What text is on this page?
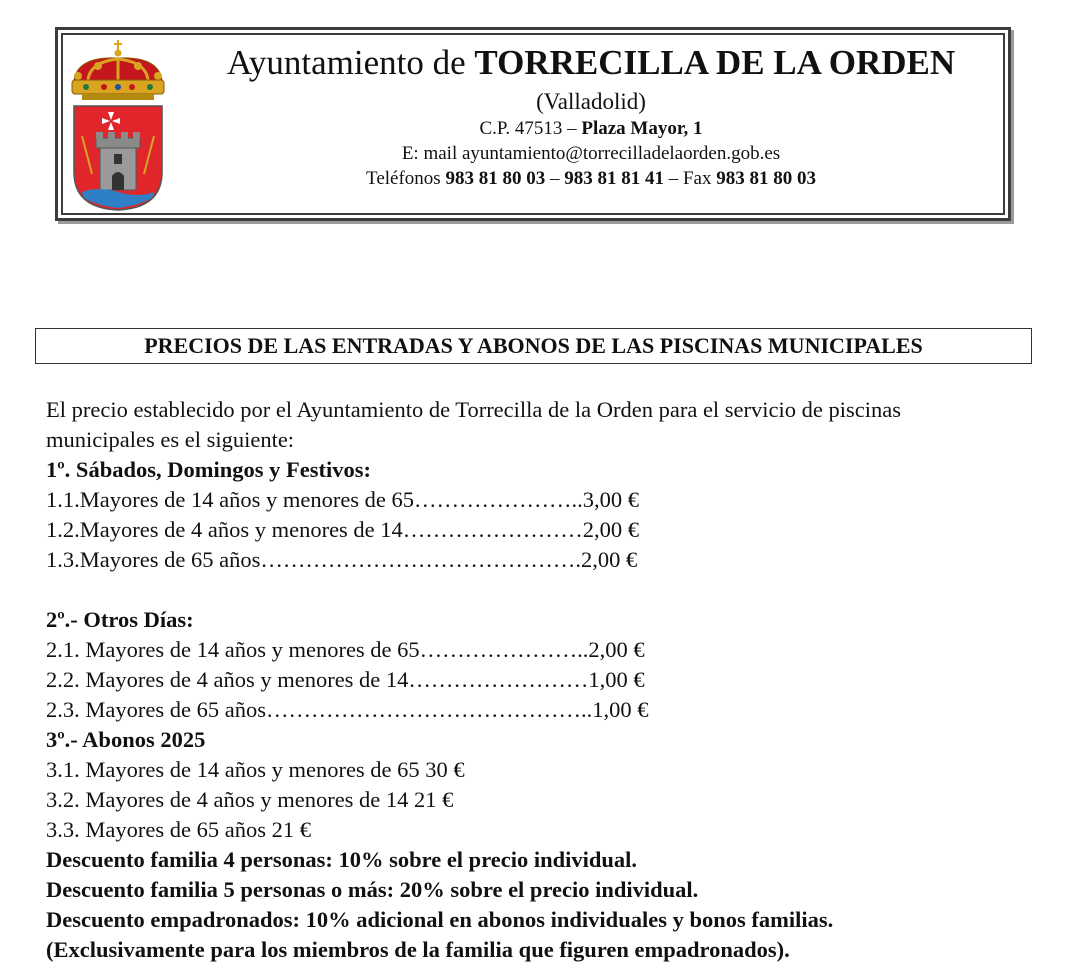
Ayuntamiento de TORRECILLA DE LA ORDEN
(Valladolid)
C.P. 47513 – Plaza Mayor, 1
E: mail ayuntamiento@torrecilladelaorden.gob.es
Teléfonos 983 81 80 03 – 983 81 81 41 – Fax 983 81 80 03
PRECIOS DE LAS ENTRADAS Y ABONOS DE LAS PISCINAS MUNICIPALES

El precio establecido por el Ayuntamiento de Torrecilla de la Orden para el servicio de piscinas municipales es el siguiente:

1º. Sábados, Domingos y Festivos:
1.1.Mayores de 14 años y menores de 65…………………..3,00 €
1.2.Mayores de 4 años y menores de 14……………………2,00 €
1.3.Mayores de 65 años…………………………………….2,00 €
2º.- Otros Días:
2.1. Mayores de 14 años y menores de 65…………………..2,00 €
2.2. Mayores de 4 años y menores de 14……………………1,00 €
2.3. Mayores de 65 años……………………………………..1,00 €
3º.- Abonos 2025
3.1. Mayores de 14 años y menores de 65 30 €
3.2. Mayores de 4 años y menores de 14 21 €
3.3. Mayores de 65 años 21 €
Descuento familia 4 personas: 10% sobre el precio individual.
Descuento familia 5 personas o más: 20% sobre el precio individual.
Descuento empadronados: 10% adicional en abonos individuales y bonos familias.
(Exclusivamente para los miembros de la familia que figuren empadronados).
